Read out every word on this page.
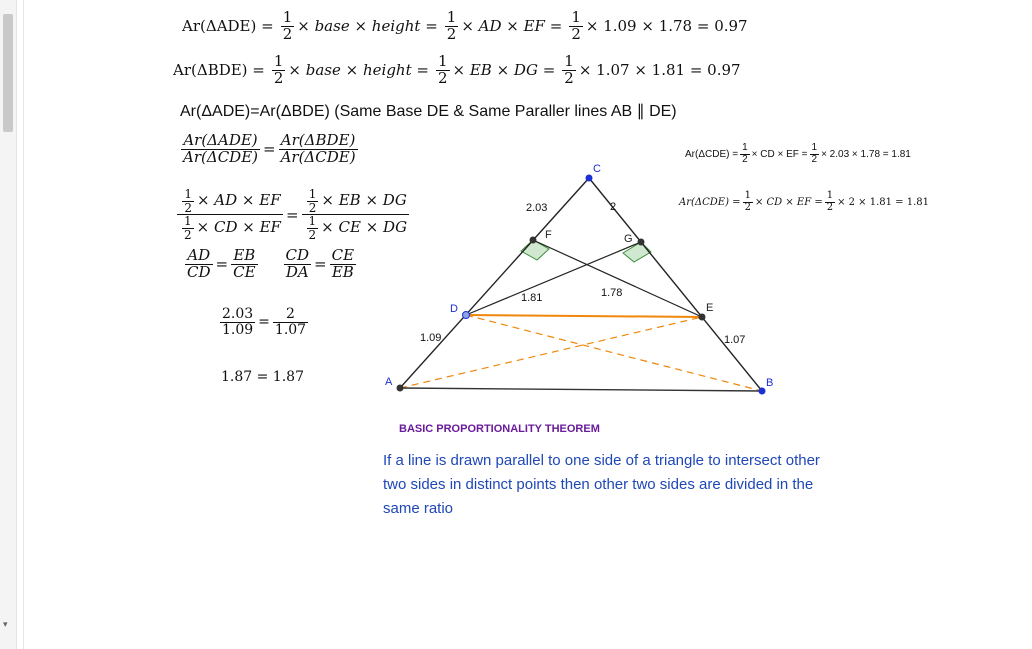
▾
$Ar(\Delta ADE) = \frac{1}{2}$ × base × height = $\frac{1}{2}$ × AD × EF = $\frac{1}{2} \times 1.09 \times 1.78 = 0.97$
$Ar(\Delta BDE) = \frac{1}{2}$ × base × height = $\frac{1}{2}$ × EB × DG = $\frac{1}{2} \times 1.07 \times 1.81 = 0.97$
Ar(ΔADE)=Ar(ΔBDE) (Same Base DE & Same Paraller lines AB ∥ DE)
$\frac{\text{Ar(ΔADE)}}{\text{Ar(ΔCDE)}} = \frac{\text{Ar(ΔBDE)}}{\text{Ar(ΔCDE)}}$
$\frac{\frac{1}{2} \times AD \times EF}{\frac{1}{2} \times CD \times EF} = \frac{\frac{1}{2} \times EB \times DG}{\frac{1}{2} \times CE \times DG}$
$\frac{AD}{CD} = \frac{EB}{CE} \frac{CD}{DA} = \frac{CE}{EB}$
$\frac{2.03}{1.09} = \frac{2}{1.07}$
1.87 = 1.87
$Ar(\Delta CDE) = \frac{1}{2}$ × CD × EF = $\frac{1}{2} \times 2.03 \times 1.78 = 1.81$
$Ar(\Delta CDE) = \frac{1}{2}$ × CD × EF = $\frac{1}{2} \times 2 \times 1.81 = 1.81$
A	B
C
D	E
F	G
2.03	2
1.09	1.07
1.81	1.78
BASIC PROPORTIONALITY THEOREM
If a line is drawn parallel to one side of a triangle to intersect other two sides in distinct points then other two sides are divided in the same ratio
